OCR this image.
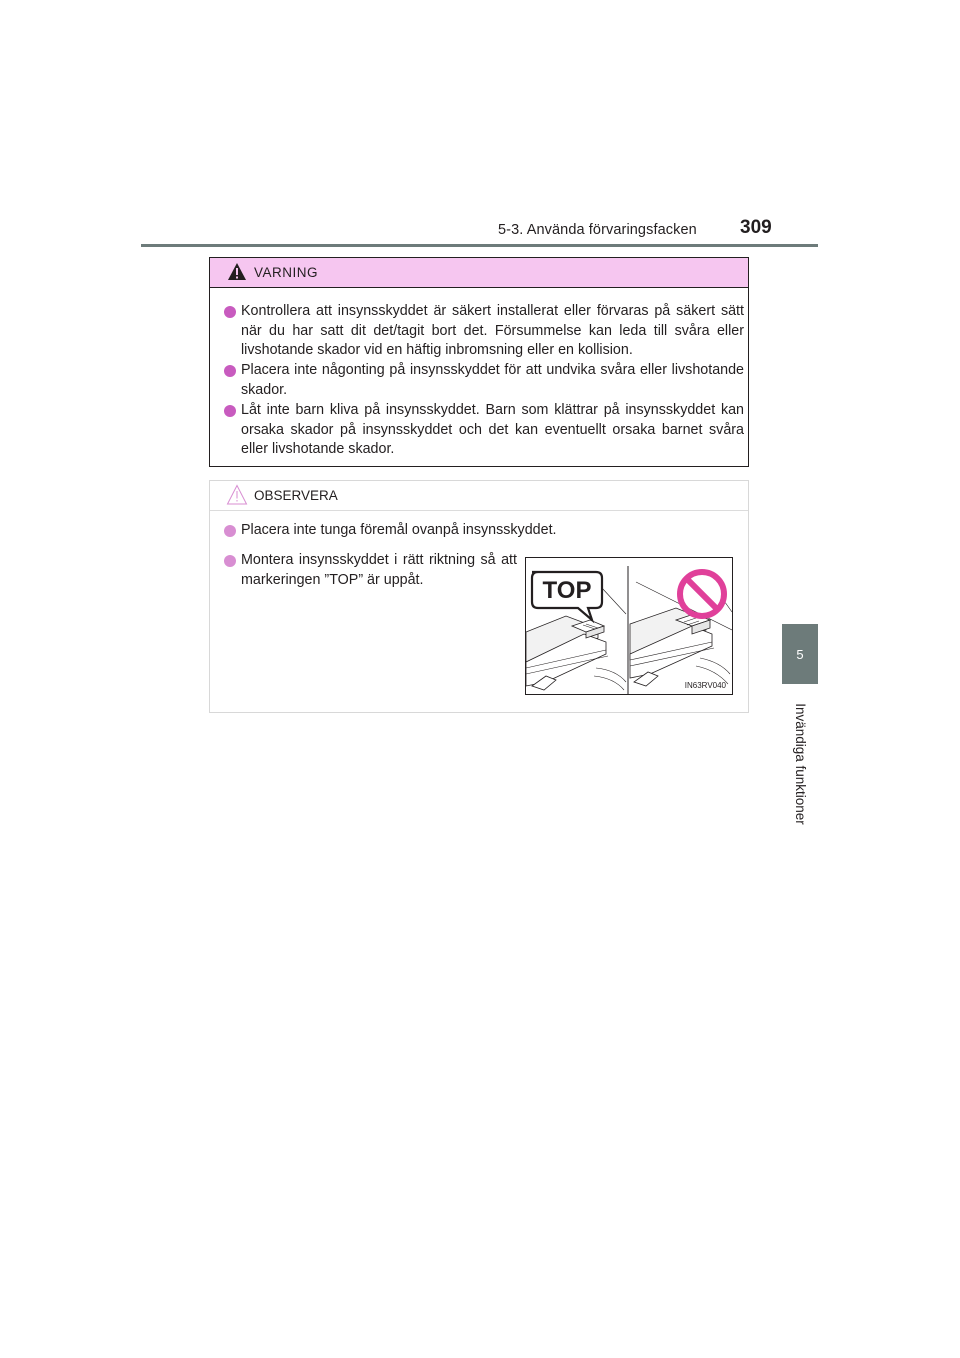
5-3. Använda förvaringsfacken 309
5
Invändiga funktioner
VARNING
Kontrollera att insynsskyddet är säkert installerat eller förvaras på säkert sätt när du har satt dit det/tagit bort det. Försummelse kan leda till svåra eller livshotande skador vid en häftig inbromsning eller en kollision.
Placera inte någonting på insynsskyddet för att undvika svåra eller livshotande skador.
Låt inte barn kliva på insynsskyddet. Barn som klättrar på insynsskyddet kan orsaka skador på insynsskyddet och det kan eventuellt orsaka barnet svåra eller livshotande skador.
OBSERVERA
Placera inte tunga föremål ovanpå insynsskyddet.
Montera insynsskyddet i rätt riktning så att markeringen ”TOP” är uppåt.	TOP
IN63RV040
